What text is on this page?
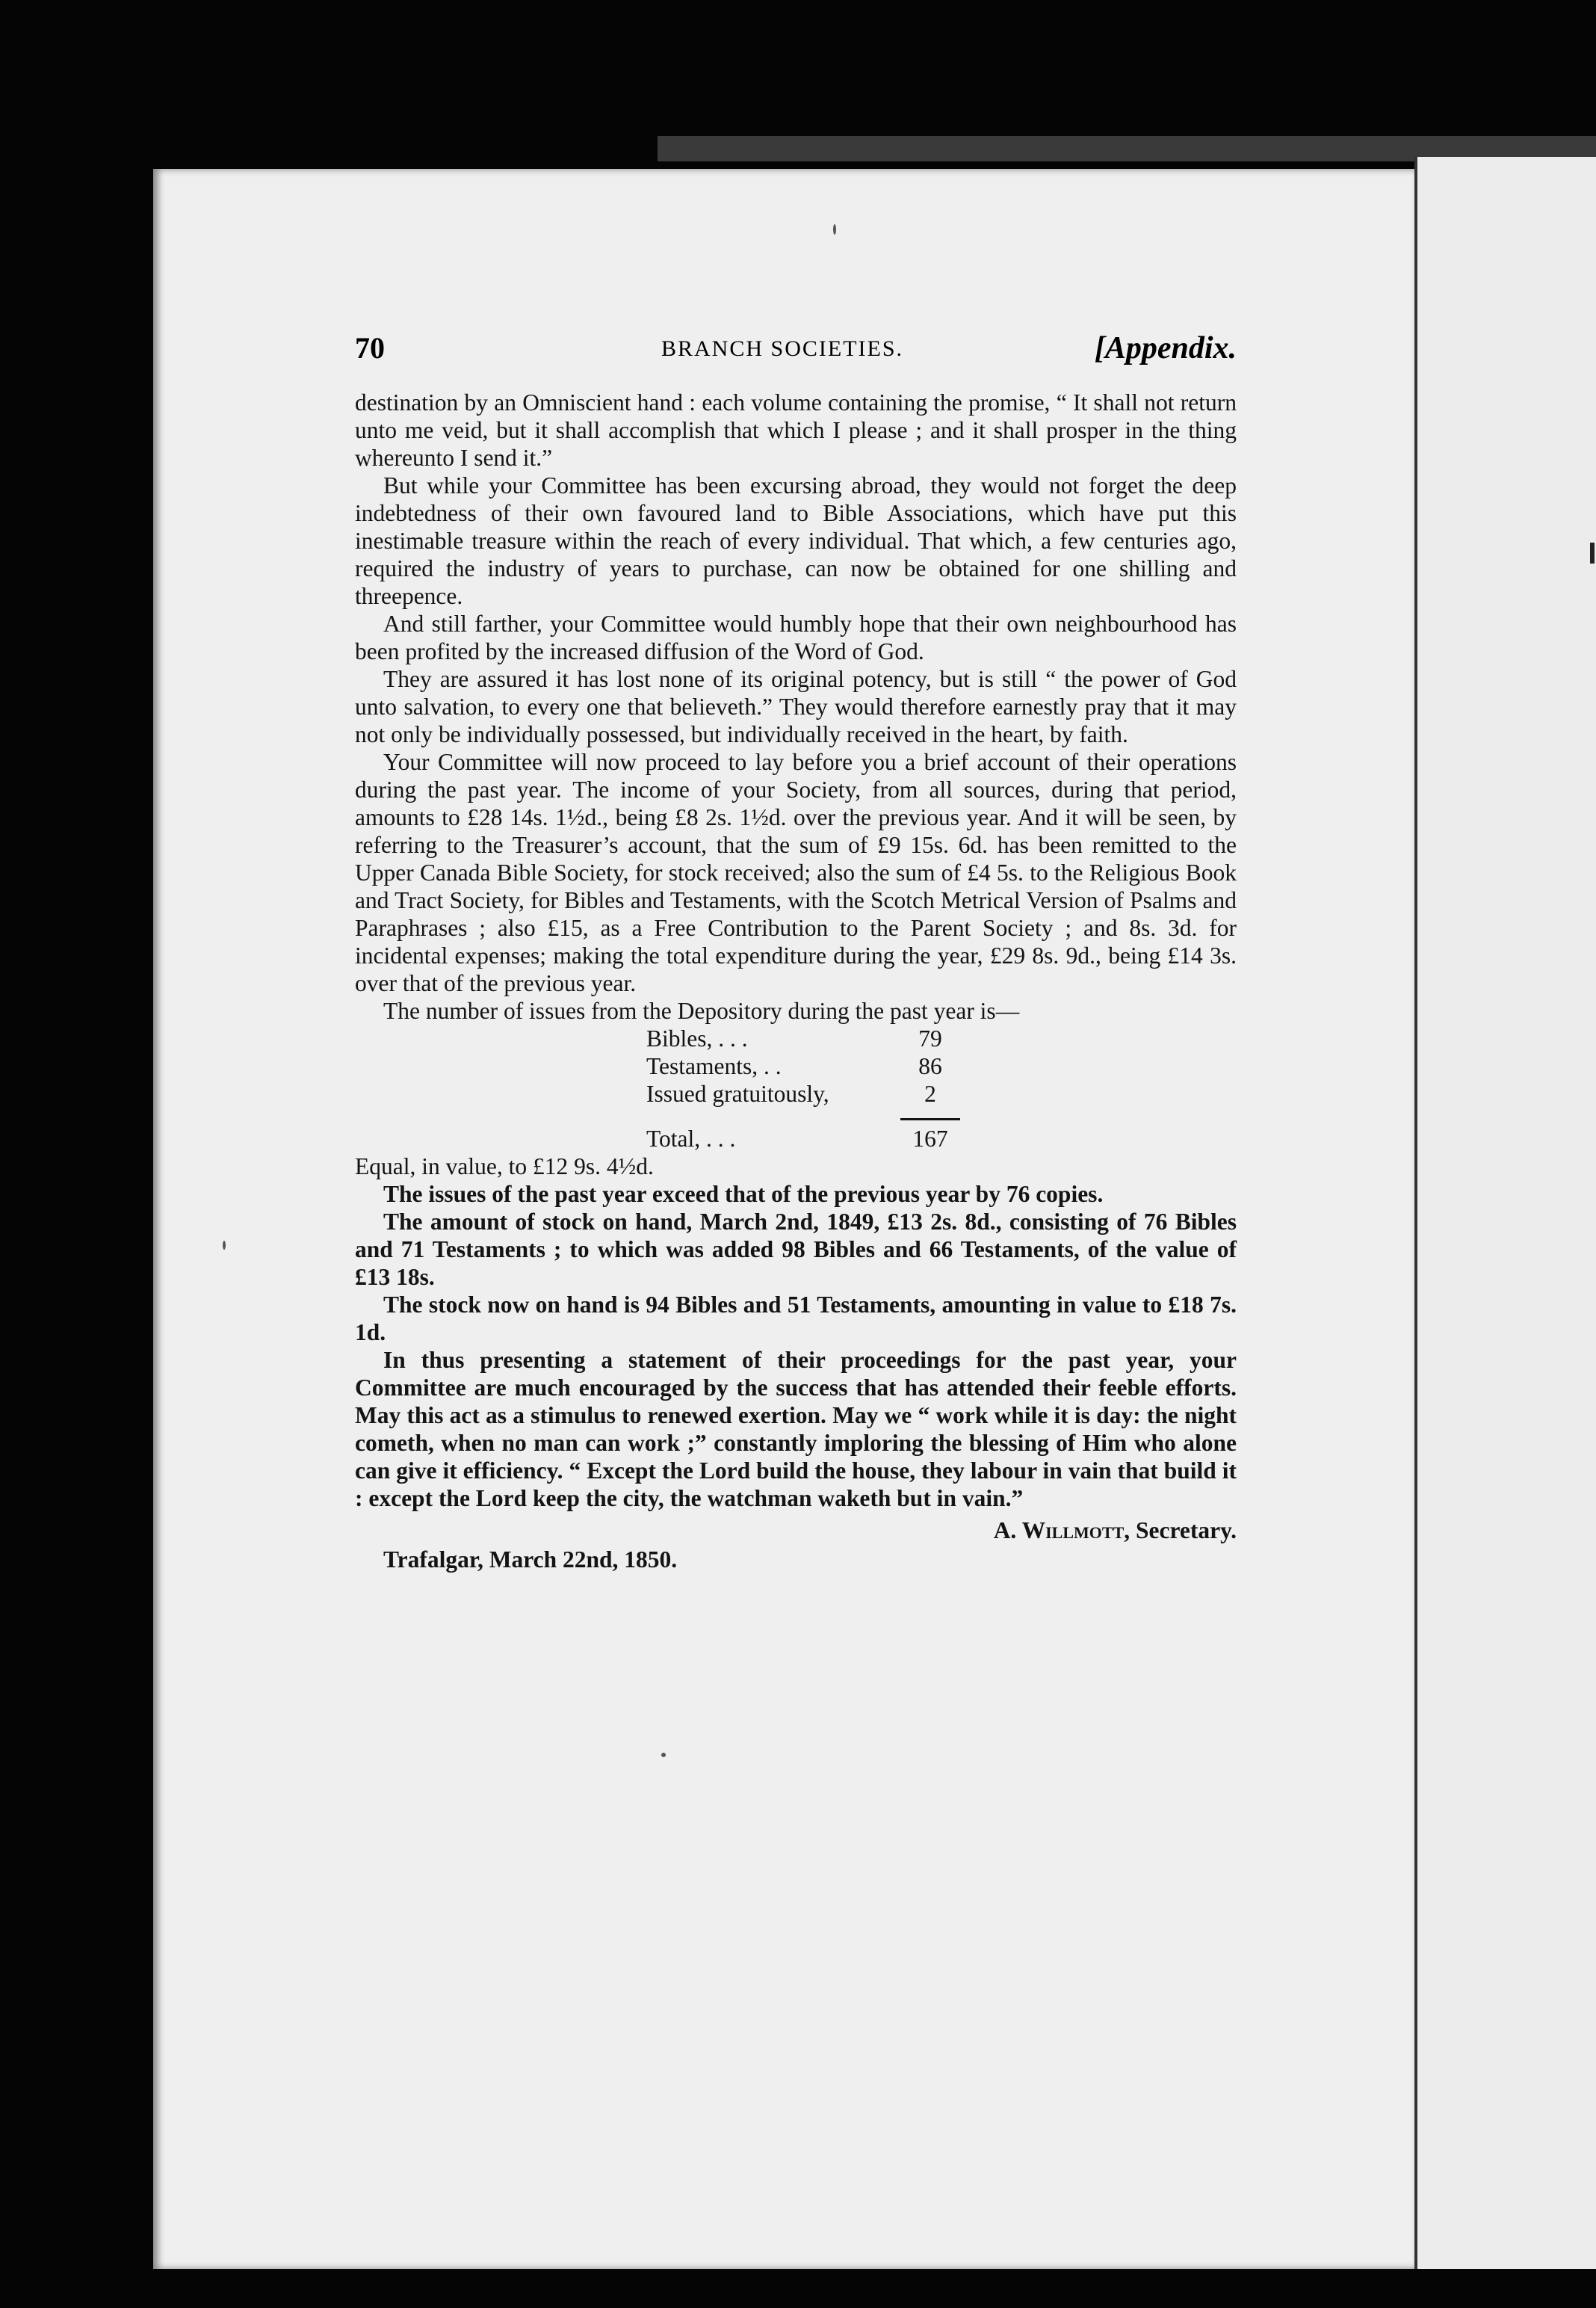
70	BRANCH SOCIETIES.	[Appendix.

destination by an Omniscient hand : each volume containing the promise, “ It shall not return unto me veid, but it shall accomplish that which I please ; and it shall prosper in the thing whereunto I send it.”

But while your Committee has been excursing abroad, they would not forget the deep indebtedness of their own favoured land to Bible Associations, which have put this inestimable treasure within the reach of every individual. That which, a few centuries ago, required the industry of years to purchase, can now be obtained for one shilling and threepence.

And still farther, your Committee would humbly hope that their own neighbourhood has been profited by the increased diffusion of the Word of God.

They are assured it has lost none of its original potency, but is still “ the power of God unto salvation, to every one that believeth.” They would therefore earnestly pray that it may not only be individually possessed, but individually received in the heart, by faith.

Your Committee will now proceed to lay before you a brief account of their operations during the past year. The income of your Society, from all sources, during that period, amounts to £28 14s. 1½d., being £8 2s. 1½d. over the previous year. And it will be seen, by referring to the Treasurer’s account, that the sum of £9 15s. 6d. has been remitted to the Upper Canada Bible Society, for stock received; also the sum of £4 5s. to the Religious Book and Tract Society, for Bibles and Testaments, with the Scotch Metrical Version of Psalms and Paraphrases ; also £15, as a Free Contribution to the Parent Society ; and 8s. 3d. for incidental expenses; making the total expenditure during the year, £29 8s. 9d., being £14 3s. over that of the previous year.

The number of issues from the Depository during the past year is—

Bibles, . . .	79
Testaments, . .	86
Issued gratuitously,	2
Total, . . .	167

Equal, in value, to £12 9s. 4½d.

The issues of the past year exceed that of the previous year by 76 copies.

The amount of stock on hand, March 2nd, 1849, £13 2s. 8d., consisting of 76 Bibles and 71 Testaments ; to which was added 98 Bibles and 66 Testaments, of the value of £13 18s.

The stock now on hand is 94 Bibles and 51 Testaments, amounting in value to £18 7s. 1d.

In thus presenting a statement of their proceedings for the past year, your Committee are much encouraged by the success that has attended their feeble efforts. May this act as a stimulus to renewed exertion. May we “ work while it is day: the night cometh, when no man can work ;” constantly imploring the blessing of Him who alone can give it efficiency. “ Except the Lord build the house, they labour in vain that build it : except the Lord keep the city, the watchman waketh but in vain.”

A. Willmott, Secretary.
Trafalgar, March 22nd, 1850.
